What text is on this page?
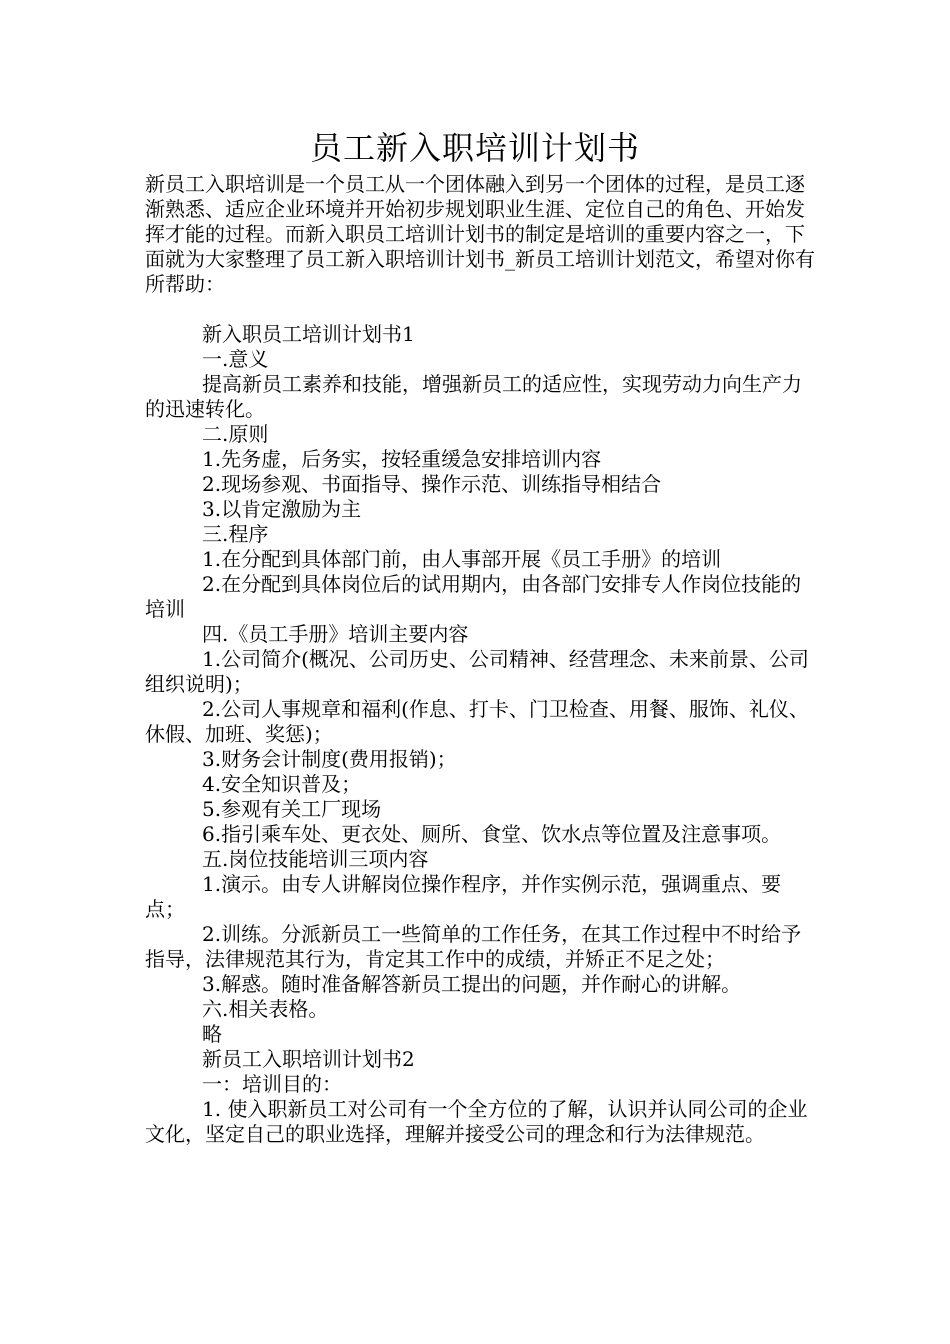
员工新入职培训计划书

新员工入职培训是一个员工从一个团体融入到另一个团体的过程，是员工逐渐熟悉、适应企业环境并开始初步规划职业生涯、定位自己的角色、开始发挥才能的过程。而新入职员工培训计划书的制定是培训的重要内容之一，下面就为大家整理了员工新入职培训计划书_新员工培训计划范文，希望对你有所帮助：

新入职员工培训计划书1

一.意义

提高新员工素养和技能，增强新员工的适应性，实现劳动力向生产力的迅速转化。

二.原则

1.先务虚，后务实，按轻重缓急安排培训内容

2.现场参观、书面指导、操作示范、训练指导相结合

3.以肯定激励为主

三.程序

1.在分配到具体部门前，由人事部开展《员工手册》的培训

2.在分配到具体岗位后的试用期内，由各部门安排专人作岗位技能的培训

四.《员工手册》培训主要内容

1.公司简介(概况、公司历史、公司精神、经营理念、未来前景、公司组织说明)；

2.公司人事规章和福利(作息、打卡、门卫检查、用餐、服饰、礼仪、休假、加班、奖惩)；

3.财务会计制度(费用报销)；

4.安全知识普及；

5.参观有关工厂现场

6.指引乘车处、更衣处、厕所、食堂、饮水点等位置及注意事项。

五.岗位技能培训三项内容

1.演示。由专人讲解岗位操作程序，并作实例示范，强调重点、要点；

2.训练。分派新员工一些简单的工作任务，在其工作过程中不时给予指导，法律规范其行为，肯定其工作中的成绩，并矫正不足之处；

3.解惑。随时准备解答新员工提出的问题，并作耐心的讲解。

六.相关表格。

略

新员工入职培训计划书2

一：培训目的：

1. 使入职新员工对公司有一个全方位的了解，认识并认同公司的企业文化，坚定自己的职业选择，理解并接受公司的理念和行为法律规范。
